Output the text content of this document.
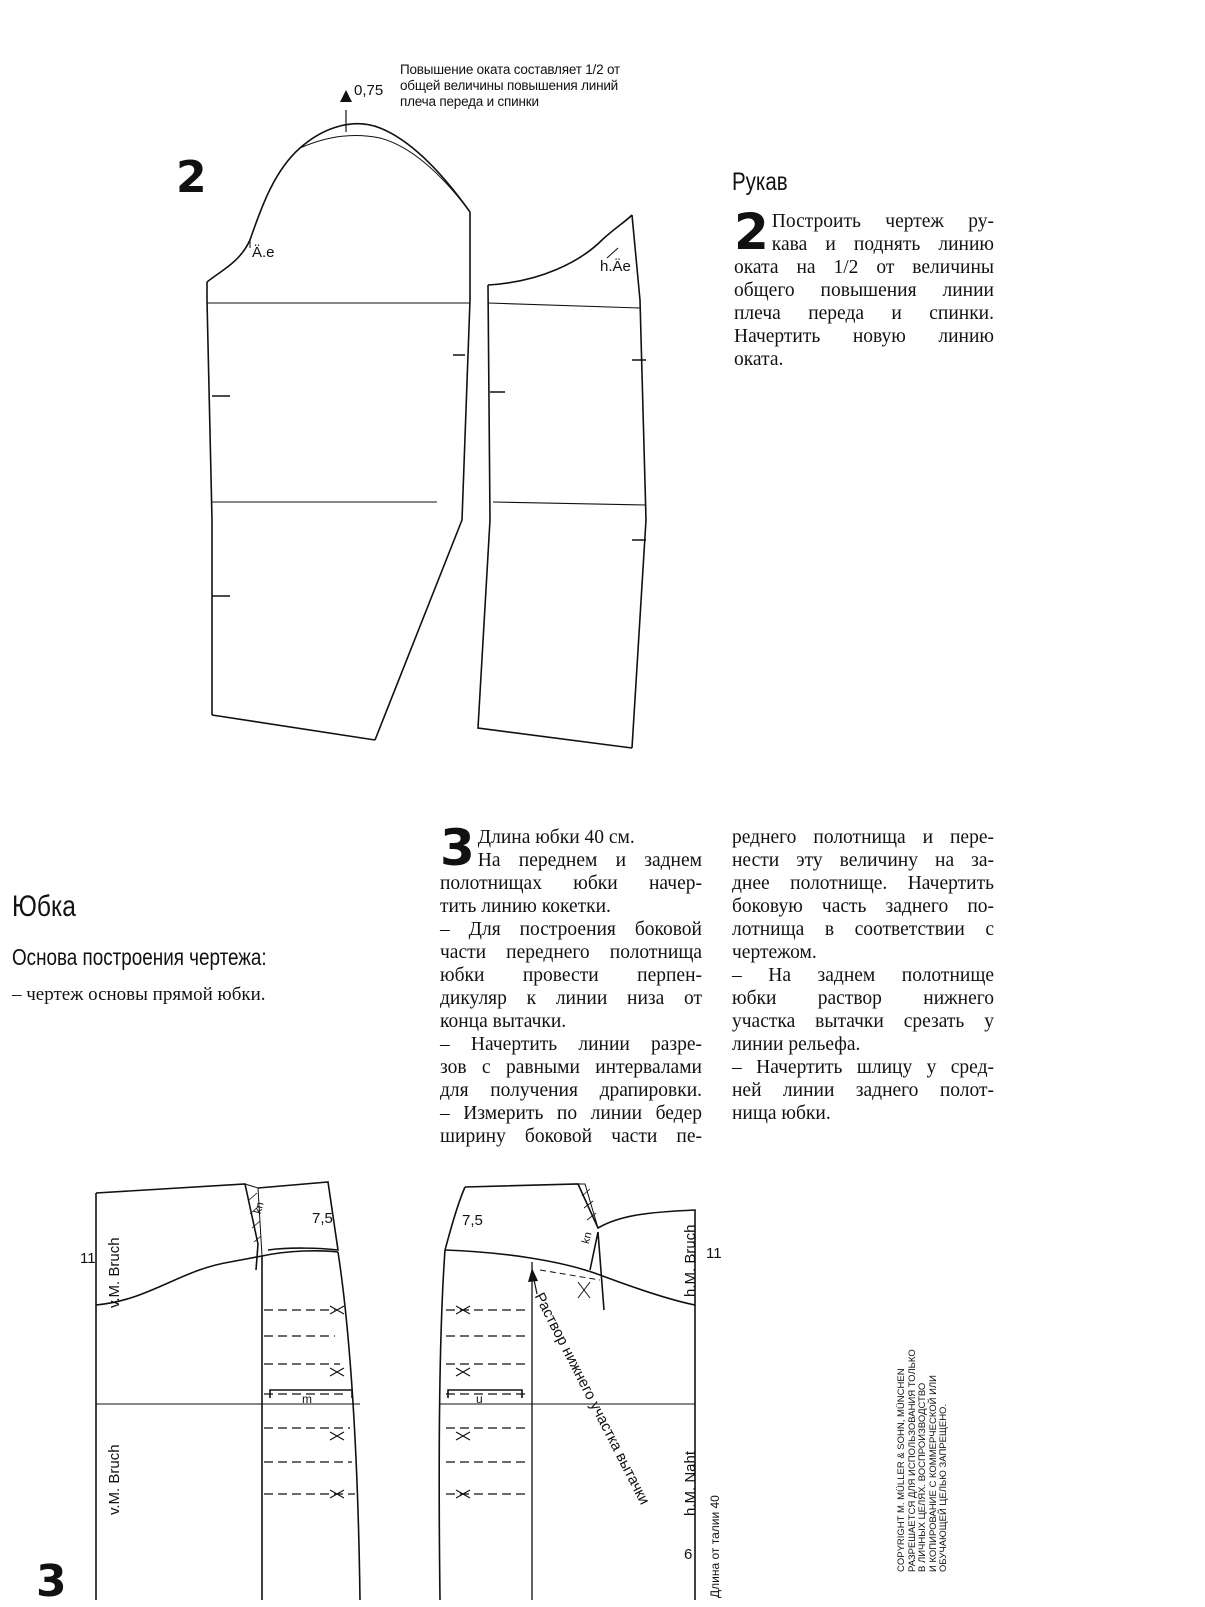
2
0,75
Повышение оката составляет 1/2 от
общей величины повышения линий
плеча переда и спинки
Ä.e
h.Äe
Рукав
2 Построить чертеж ру-
кава и поднять линию
оката на 1/2 от величины
общего повышения линии
плеча переда и спинки.
Начертить новую линию
оката.
Юбка
Основа построения чертежа:
– чертеж основы прямой юбки.
3 Длина юбки 40 см.
На переднем и заднем
полотнищах юбки начер-
тить линию кокетки.
– Для построения боковой
части переднего полотнища
юбки провести перпен-
дикуляр к линии низа от
конца вытачки.
– Начертить линии разре-
зов с равными интервалами
для получения драпировки.
– Измерить по линии бедер
ширину боковой части пе-
реднего полотнища и пере-
нести эту величину на за-
днее полотнище. Начертить
боковую часть заднего по-
лотнища в соответствии с
чертежом.
– На заднем полотнище
юбки раствор нижнего
участка вытачки срезать у
линии рельефа.
– Начертить шлицу у сред-
ней линии заднего полот-
нища юбки.
11	11
7,5	7,5
6
m	u
kn
kn
v.M. Bruch
v.M. Bruch
h.M. Bruch
h.M. Naht
Длина от талии 40
Раствор нижнего участка вытачки
3
COPYRIGHT M. MÜLLER & SOHN, MÜNCHEN РАЗРЕШАЕТСЯ ДЛЯ ИСПОЛЬЗОВАНИЯ ТОЛЬКО В ЛИЧНЫХ ЦЕЛЯХ. ВОСПРОИЗВОДСТВО И КОПИРОВАНИЕ С КОММЕРЧЕСКОЙ ИЛИ ОБУЧАЮЩЕЙ ЦЕЛЬЮ ЗАПРЕЩЕНО.
